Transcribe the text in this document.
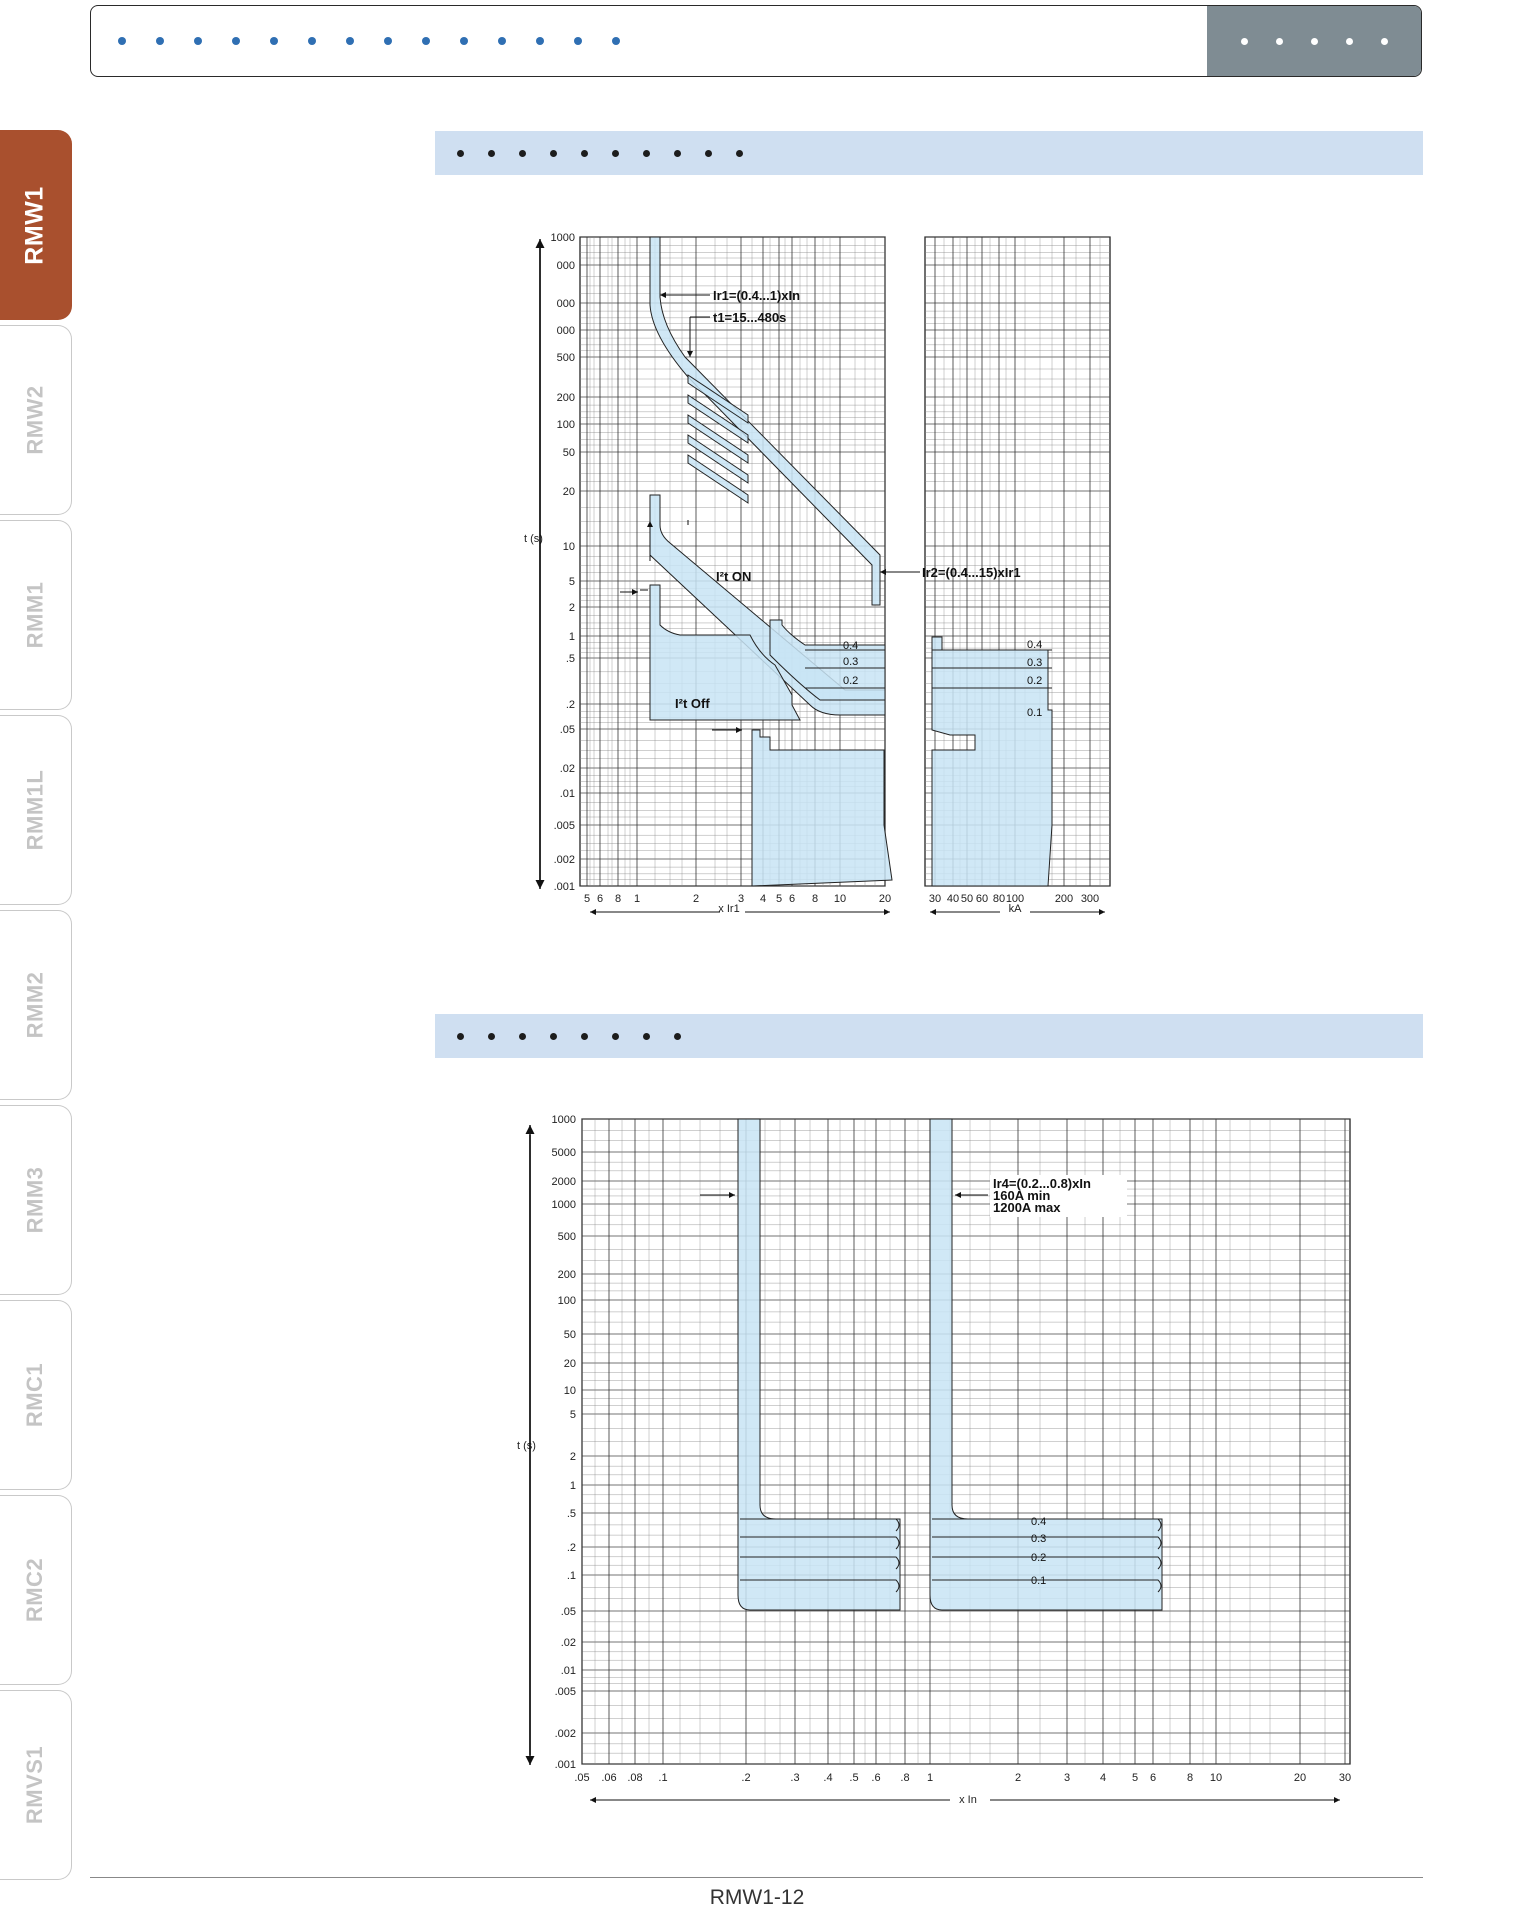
RMW1
RMW2
RMM1
RMM1L
RMM2
RMM3
RMC1
RMC2
RMVS1
1000
000
000
000
500
200
100
50
20
10
5
2
1
.5
.2
.05
.02
.01
.005
.002
.001
5 6 8 1	2	3 4 5 6 8 10	20	30 40 50 60 80 100	200 300
t (s)
x Ir1	kA
Ir1=(0.4...1)xIn
t1=15...480s
Ir2=(0.4...15)xIr1
I²t ON
I²t Off
0.4
0.3
0.2
0.4
0.3
0.2
0.1
1000
5000
2000
1000
500
200
100
50
20
10
5
2
1
.5
.2
.1
.05
.02
.01
.005
.002
.001
.05 .06 .08 .1	.2	.3 .4 .5 .6 .8 1	2	3	4 5 6	8 10	20	30
t (s)
x In
Ir4=(0.2...0.8)xIn
160A min
1200A max
0.4
0.3
0.2
0.1
RMW1-12
